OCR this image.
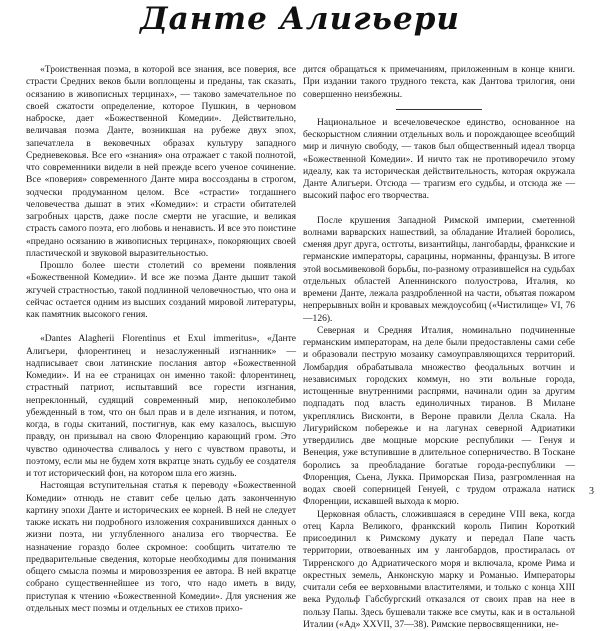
Данте Алигьери

«Троиственная поэма, в которой все знания, все поверия, все страсти Средних веков были воплощены и преданы, так сказать, осязанию в живописных терцинах», — таково замечательное по своей сжатости определение, которое Пушкин, в черновом наброске, дает «Божественной Комедии». Действительно, величавая поэма Данте, возникшая на рубеже двух эпох, запечатлела в вековечных образах культуру западного Средневековья. Все его «знания» она отражает с такой полнотой, что современники видели в ней прежде всего ученое сочинение. Все «поверия» современного Данте мира воссозданы в строгом, зодчески продуманном целом. Все «страсти» тогдашнего человечества дышат в этих «Комедии»: и страсти обитателей загробных царств, даже после смерти не угасшие, и великая страсть самого поэта, его любовь и ненависть. И все это поистине «предано осязанию в живописных терцинах», покоряющих своей пластической и звуковой выразительностью.

Прошло более шести столетий со времени появления «Божественной Комедии». И все же поэма Данте дышит такой жгучей страстностью, такой подлинной человечностью, что она и сейчас остается одним из высших созданий мировой литературы, как памятник высокого гения.

«Dantes Alagherii Florentinus et Exul immeritus», «Данте Алигьери, флорентинец и незаслуженный изгнанник» — надписывает свои латинские послания автор «Божественной Комедии». И на ее страницах он именно такой: флорентинец, страстный патриот, испытавший все горести изгнания, непреклонный, судящий современный мир, непоколебимо убежденный в том, что он был прав и в деле изгнания, и потом, когда, в годы скитаний, постигнув, как ему казалось, высшую правду, он призывал на свою Флоренцию карающий гром. Это чувство одиночества сливалось у него с чувством правоты, и поэтому, если мы не будем хотя вкратце знать судьбу ее создателя и тот исторический фон, на котором шла его жизнь.

Настоящая вступительная статья к переводу «Божественной Комедии» отнюдь не ставит себе целью дать законченную картину эпохи Данте и исторических ее корней. В ней не следует также искать ни подробного изложения сохранившихся данных о жизни поэта, ни углубленного анализа его творчества. Ее назначение гораздо более скромное: сообщить читателю те предварительные сведения, которые необходимы для понимания общего смысла поэмы и мировоззрения ее автора. В ней вкратце собрано существеннейшее из того, что надо иметь в виду, приступая к чтению «Божественной Комедии». Для уяснения же отдельных мест поэмы и отдельных ее стихов прихо-

дится обращаться к примечаниям, приложенным в конце книги. При издании такого трудного текста, как Дантова трилогия, они совершенно неизбежны.

Национальное и всечеловеческое единство, основанное на бескорыстном слиянии отдельных воль и порождающее всеобщий мир и личную свободу, — таков был общественный идеал творца «Божественной Комедии». И ничто так не противоречило этому идеалу, как та историческая действительность, которая окружала Данте Алигьери. Отсюда — трагизм его судьбы, и отсюда же — высокий пафос его творчества.

После крушения Западной Римской империи, сметенной волнами варварских нашествий, за обладание Италией боролись, сменяя друг друга, остготы, византийцы, лангобарды, франкские и германские императоры, сарацины, норманны, французы. В итоге этой восьмивековой борьбы, по-разному отразившейся на судьбах отдельных областей Апеннинского полуострова, Италия, ко времени Данте, лежала раздробленной на части, объятая пожаром непрерывных войн и кровавых междоусобиц («Чистилище» VI, 76—126).

Северная и Средняя Италия, номинально подчиненные германским императорам, на деле были предоставлены сами себе и образовали пеструю мозаику самоуправляющихся территорий. Ломбардия обрабатывала множество феодальных вотчин и независимых городских коммун, но эти вольные города, истощенные внутренними распрями, начинали один за другим подпадать под власть единоличных тиранов. В Милане укреплялись Висконти, в Вероне правили Делла Скала. На Лигурийском побережье и на лагунах северной Адриатики утвердились две мощные морские республики — Генуя и Венеция, уже вступившие в длительное соперничество. В Тоскане боролись за преобладание богатые города-республики — Флоренция, Сьена, Лукка. Приморская Пиза, разгромленная на водах своей соперницей Генуей, с трудом отражала натиск Флоренции, искавшей выхода к морю.

Церковная область, сложившаяся в середине VIII века, когда отец Карла Великого, франкский король Пипин Короткий присоединил к Римскому дукату и передал Папе часть территории, отвоеванных им у лангобардов, простиралась от Тирренского до Адриатического моря и включала, кроме Рима и окрестных земель, Анконскую марку и Романью. Императоры считали себя ее верховными властителями, и только с конца XIII века Рудольф Габсбургский отказался от своих прав на нее в пользу Папы. Здесь бушевали также все смуты, как и в остальной Италии («Ад» XXVII, 37—38). Римские первосвященники, не-

3
